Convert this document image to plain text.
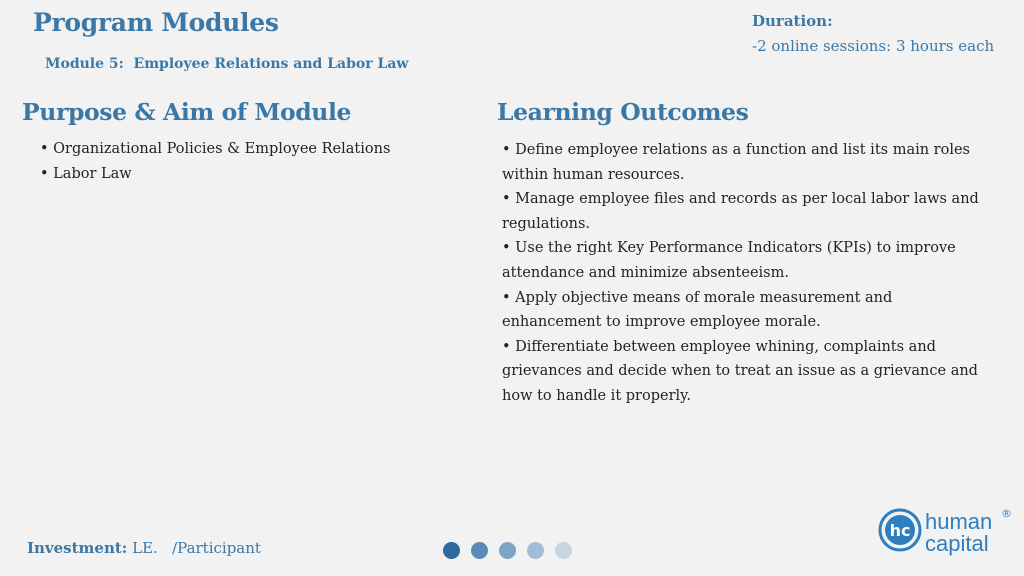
Program Modules
Module 5:  Employee Relations and Labor Law
Duration:
-2 online sessions: 3 hours each
Purpose & Aim of Module
• Organizational Policies & Employee Relations
• Labor Law
Learning Outcomes
• Define employee relations as a function and list its main roles within human resources.
• Manage employee files and records as per local labor laws and regulations.
• Use the right Key Performance Indicators (KPIs) to improve attendance and minimize absenteeism.
• Apply objective means of morale measurement and enhancement to improve employee morale.
• Differentiate between employee whining, complaints and grievances and decide when to treat an issue as a grievance and how to handle it properly.
Investment: LE.   /Participant
hc human
capital
®
